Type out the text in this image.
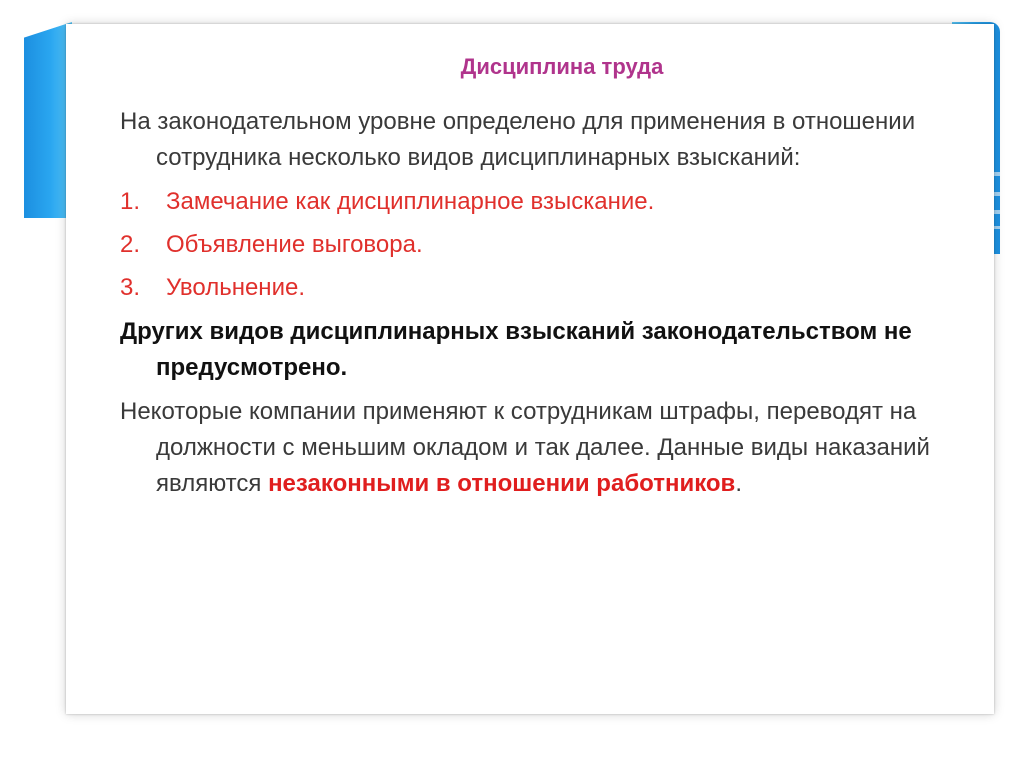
Дисциплина труда

На законодательном уровне определено для применения в отношении сотрудника несколько видов дисциплинарных взысканий:

1.	Замечание как дисциплинарное взыскание.
2.	Объявление выговора.
3.	Увольнение.

Других видов дисциплинарных взысканий законодательством не предусмотрено.

Некоторые компании применяют к сотрудникам штрафы, переводят на должности с меньшим окладом и так далее. Данные виды наказаний являются незаконными в отношении работников.
